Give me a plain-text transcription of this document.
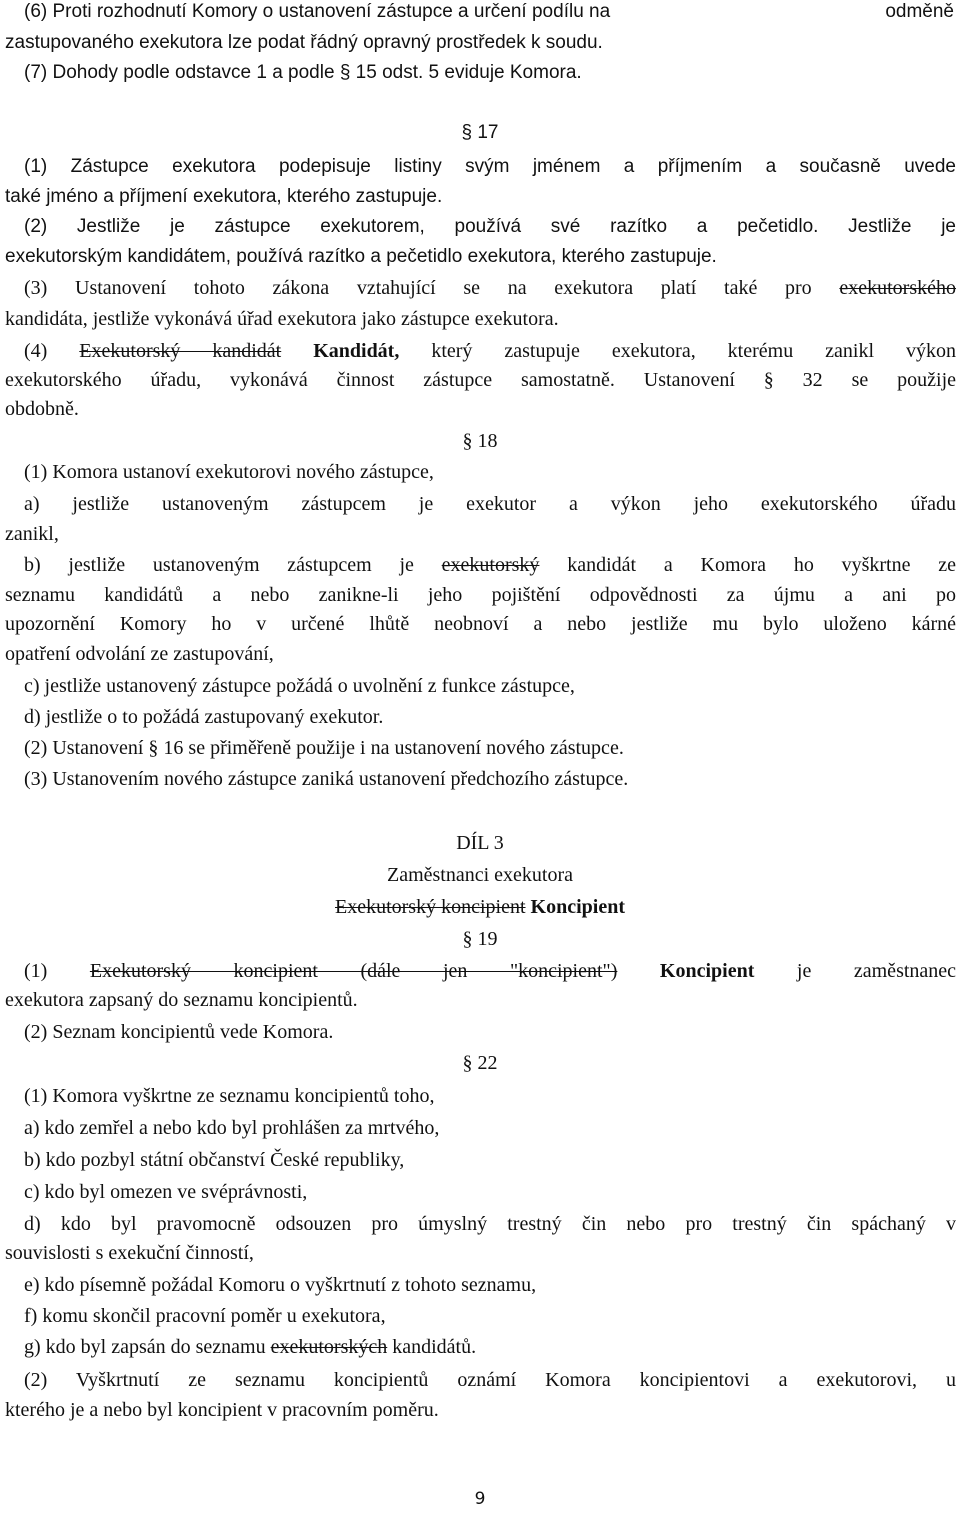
(6) Proti rozhodnutí Komory o ustanovení zástupce a určení podílu na	odměně

zastupovaného exekutora lze podat řádný opravný prostředek k soudu.

(7) Dohody podle odstavce 1 a podle § 15 odst. 5 eviduje Komora.

§ 17

(1) Zástupce exekutora podepisuje listiny svým jménem a příjmením a současně uvede

také jméno a příjmení exekutora, kterého zastupuje.

(2) Jestliže je zástupce exekutorem, používá své razítko a pečetidlo. Jestliže je

exekutorským kandidátem, používá razítko a pečetidlo exekutora, kterého zastupuje.

(3) Ustanovení tohoto zákona vztahující se na exekutora platí také pro exekutorského

kandidáta, jestliže vykonává úřad exekutora jako zástupce exekutora.

(4) Exekutorský kandidát Kandidát, který zastupuje exekutora, kterému zanikl výkon

exekutorského úřadu, vykonává činnost zástupce samostatně. Ustanovení § 32 se použije

obdobně.

§ 18

(1) Komora ustanoví exekutorovi nového zástupce,

a) jestliže ustanoveným zástupcem je exekutor a výkon jeho exekutorského úřadu

zanikl,

b) jestliže ustanoveným zástupcem je exekutorský kandidát a Komora ho vyškrtne ze

seznamu kandidátů a nebo zanikne-li jeho pojištění odpovědnosti za újmu a ani po

upozornění Komory ho v určené lhůtě neobnoví a nebo jestliže mu bylo uloženo kárné

opatření odvolání ze zastupování,

c) jestliže ustanovený zástupce požádá o uvolnění z funkce zástupce,

d) jestliže o to požádá zastupovaný exekutor.

(2) Ustanovení § 16 se přiměřeně použije i na ustanovení nového zástupce.

(3) Ustanovením nového zástupce zaniká ustanovení předchozího zástupce.

DÍL 3

Zaměstnanci exekutora

Exekutorský koncipient Koncipient

§ 19

(1) Exekutorský koncipient (dále jen "koncipient") Koncipient je zaměstnanec

exekutora zapsaný do seznamu koncipientů.

(2) Seznam koncipientů vede Komora.

§ 22

(1) Komora vyškrtne ze seznamu koncipientů toho,

a) kdo zemřel a nebo kdo byl prohlášen za mrtvého,

b) kdo pozbyl státní občanství České republiky,

c) kdo byl omezen ve svéprávnosti,

d) kdo byl pravomocně odsouzen pro úmyslný trestný čin nebo pro trestný čin spáchaný v

souvislosti s exekuční činností,

e) kdo písemně požádal Komoru o vyškrtnutí z tohoto seznamu,

f) komu skončil pracovní poměr u exekutora,

g) kdo byl zapsán do seznamu exekutorských kandidátů.

(2) Vyškrtnutí ze seznamu koncipientů oznámí Komora koncipientovi a exekutorovi, u

kterého je a nebo byl koncipient v pracovním poměru.

9
